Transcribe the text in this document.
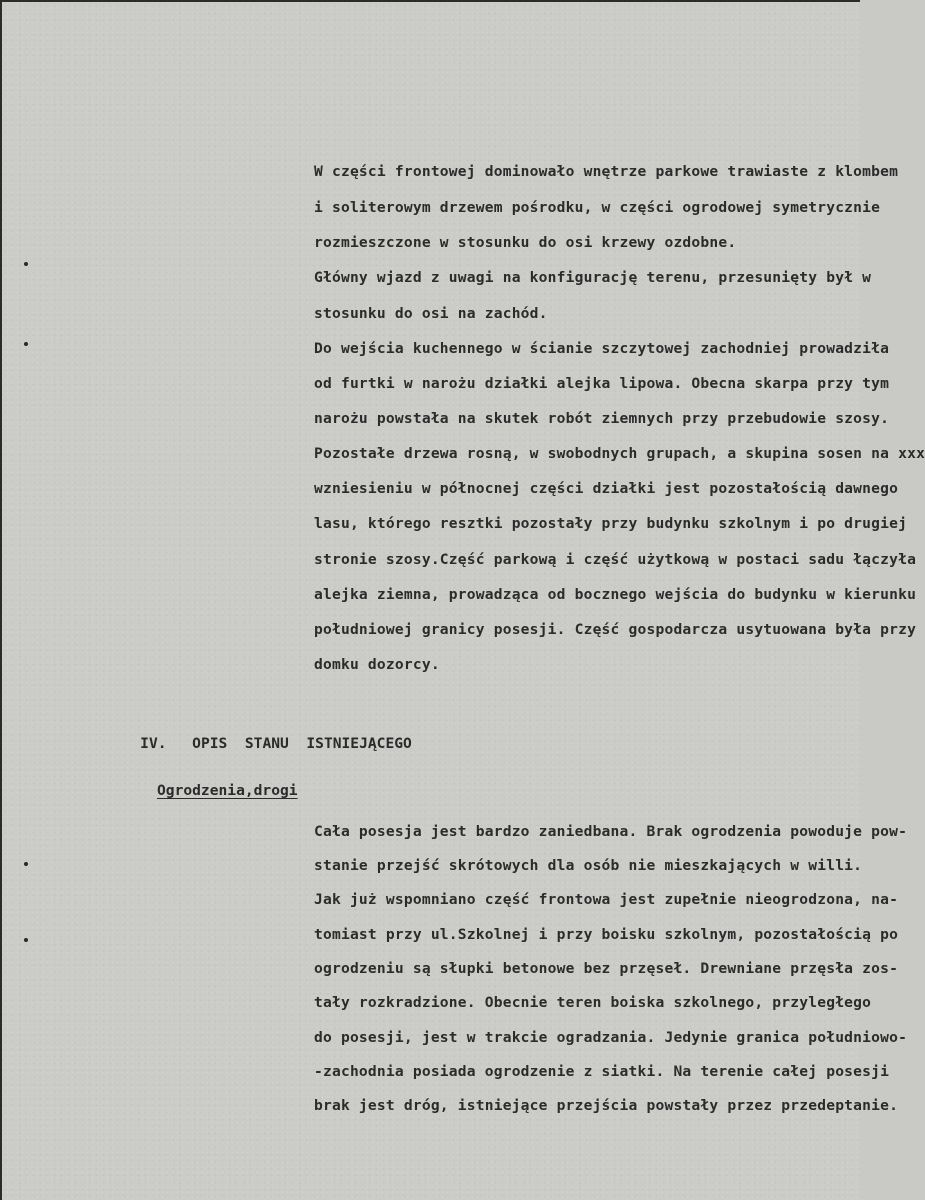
W części frontowej dominowało wnętrze parkowe trawiaste z klombem
i soliterowym drzewem pośrodku, w części ogrodowej symetrycznie
rozmieszczone w stosunku do osi krzewy ozdobne.
Główny wjazd z uwagi na konfigurację terenu, przesunięty był w
stosunku do osi na zachód.
Do wejścia kuchennego w ścianie szczytowej zachodniej prowadziła
od furtki w narożu działki alejka lipowa. Obecna skarpa przy tym
narożu powstała na skutek robót ziemnych przy przebudowie szosy.
Pozostałe drzewa rosną, w swobodnych grupach, a skupina sosen na xxx
wzniesieniu w północnej części działki jest pozostałością dawnego
lasu, którego resztki pozostały przy budynku szkolnym i po drugiej
stronie szosy.Część parkową i część użytkową w postaci sadu łączyła
alejka ziemna, prowadząca od bocznego wejścia do budynku w kierunku
południowej granicy posesji. Część gospodarcza usytuowana była przy
domku dozorcy.

IV. OPIS  STANU  ISTNIEJĄCEGO

Ogrodzenia,drogi
Cała posesja jest bardzo zaniedbana. Brak ogrodzenia powoduje pow-
stanie przejść skrótowych dla osób nie mieszkających w willi.
Jak już wspomniano część frontowa jest zupełnie nieogrodzona, na-
tomiast przy ul.Szkolnej i przy boisku szkolnym, pozostałością po
ogrodzeniu są słupki betonowe bez przęseł. Drewniane przęsła zos-
tały rozkradzione. Obecnie teren boiska szkolnego, przyległego
do posesji, jest w trakcie ogradzania. Jedynie granica południowo-
-zachodnia posiada ogrodzenie z siatki. Na terenie całej posesji
brak jest dróg, istniejące przejścia powstały przez przedeptanie.
